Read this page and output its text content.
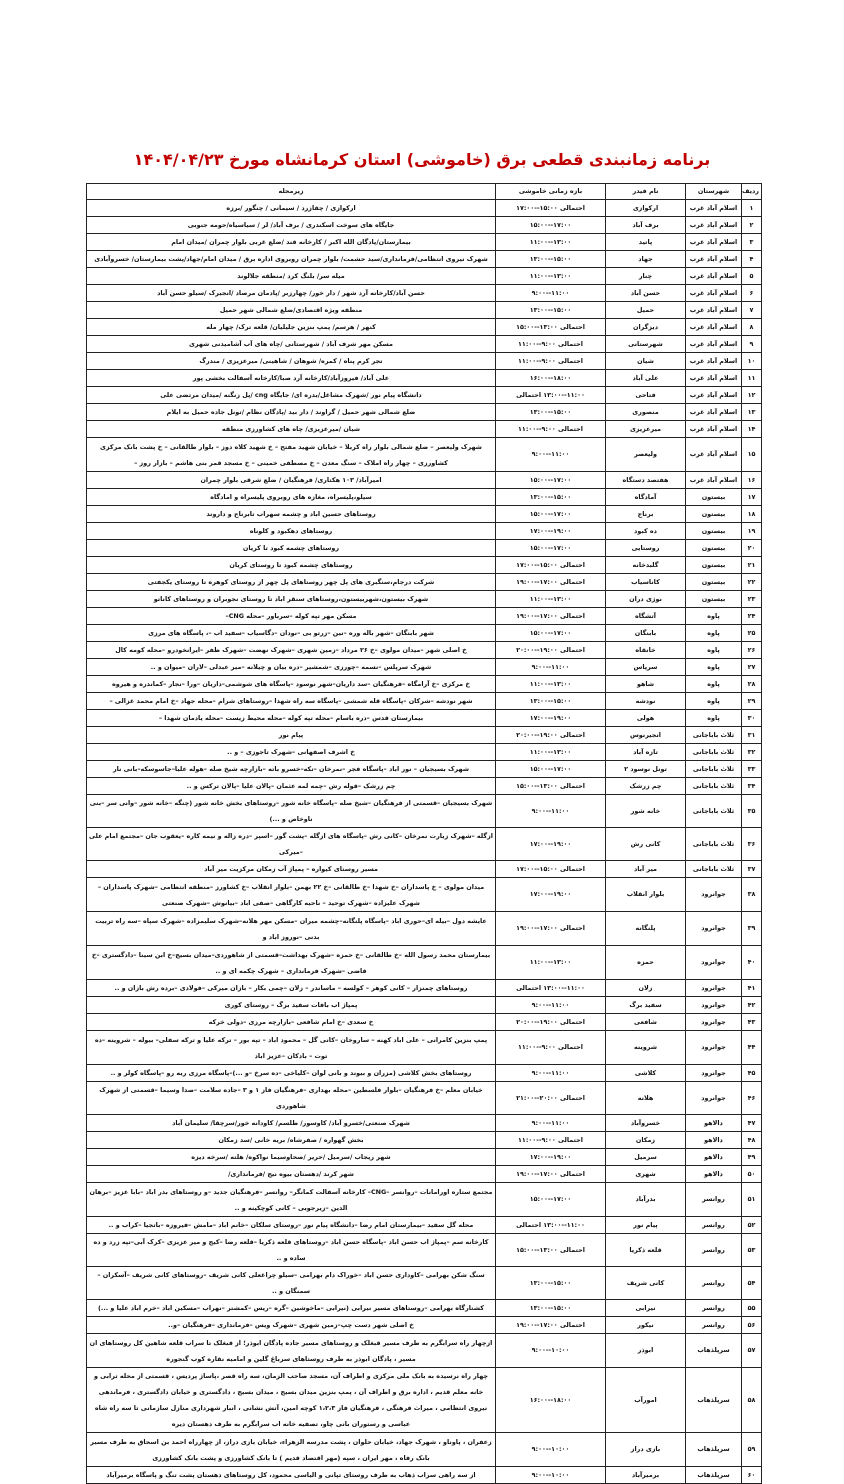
برنامه زمانبندی قطعی برق (خاموشی) استان کرمانشاه مورخ ۱۴۰۴/۰۴/۲۳
ردیف	شهرستان	نام فیدر	بازه زمانی خاموشی	زیرمحله
۱	اسلام آباد غرب	ارکوازی	۱۷:۰۰--۱۵:۰۰ احتمالی	ارکوازی / چقازرد / سیمانی / چنگور /برزه
۲	اسلام آباد غرب	برف آباد	۱۵:۰۰--۱۷:۰۰	جایگاه های سوخت اسکندری / برف آباد/ لر / سیاسیاه/حومه جنوبی
۳	اسلام آباد غرب	پاتید	۱۱:۰۰--۱۳:۰۰	بیمارستان/پادگان الله اکبر / کارخانه قند /ضلع غربی بلوار چمران /میدان امام
۴	اسلام آباد غرب	جهاد	۱۳:۰۰--۱۵:۰۰	شهرک نیروی انتظامی/فرمانداری/سید حشمت/ بلوار چمران روبروی اداره برق / میدان امام/جهاد/پشت بیمارستان/ خسروآبادی
۵	اسلام آباد غرب	چنار	۱۱:۰۰--۱۳:۰۰	میله سر/ بلنگ کرد /منطقه جلالوند
۶	اسلام آباد غرب	حسن آباد	۹:۰۰--۱۱:۰۰	حسن آباد/کارخانه آرد شهر / دار خور/ چهارزبر /پادمان مرصاد /انجیرک /سیلو حسن آباد
۷	اسلام آباد غرب	حمیل	۱۳:۰۰--۱۵:۰۰	منطقه ویژه اقتصادی/ضلع شمالی شهر حمیل
۸	اسلام آباد غرب	دیزگران	۱۵:۰۰--۱۳:۰۰ احتمالی	کنهر / هرسم/ پمپ بنزین جلیلیان/ قلعه ترک/ چهار مله
۹	اسلام آباد غرب	شهرستانی	۱۱:۰۰--۹:۰۰ احتمالی	مسکن مهر شرف آباد / شهرستانی /چاه های آب آشامیدنی شهری
۱۰	اسلام آباد غرب	شیان	۱۱:۰۰--۹:۰۰ احتمالی	تجر کرم پناه / کمره/ شوهان / شاهینی/ میرعزیزی / مندرگ
۱۱	اسلام آباد غرب	علی آباد	۱۶:۰۰--۱۸:۰۰	علی آباد/ فیروزآباد/کارخانه آرد صبا/کارخانه آسفالت بخشی پور
۱۲	اسلام آباد غرب	فتاحی	احتمالی‎ ۱۳:۰۰--۱۱:۰۰	دانشگاه پیام نور /شهرک مشاغل/بدره ای/ جایگاه cng /پل زنگنه /میدان مرتضی علی
۱۳	اسلام آباد غرب	منصوری	۱۳:۰۰--۱۵:۰۰	ضلع شمالی شهر حمیل / گراوند / دار بید /پادگان نظام /تونل جاده حمیل به ایلام
۱۴	اسلام آباد غرب	میرعزیزی	۱۱:۰۰--۹:۰۰ احتمالی	شیان /میرعزیزی/ چاه های کشاورزی منطقه
۱۵	اسلام آباد غرب	ولیعصر	۹:۰۰--۱۱:۰۰	شهرک ولیعصر – ضلع شمالی بلوار راه کربلا – خیابان شهید مفتح – خ شهید کلاه دوز – بلوار طالقانی – خ پشت بانک مرکزی کشاورزی – چهار راه املاک – سنگ معدن – خ مصطفی خمینی – خ مسجد قمر بنی هاشم – بازار روز –
۱۶	اسلام آباد غرب	هفتصد دستگاه	۱۵:۰۰--۱۷:۰۰	امیرآباد/ ۱۰۳ هکتاری/ فرهنگیان / ضلع شرقی بلوار چمران
۱۷	بیستون	آمادگاه	۱۳:۰۰--۱۵:۰۰	سیلو،پلیسراه، مغازه های روبروی پلیسراه و امادگاه
۱۸	بیستون	برناج	۱۵:۰۰--۱۷:۰۰	روستاهای حسین اباد و چشمه سهراب تابرناج و داروند
۱۹	بیستون	ده کبود	۱۷:۰۰--۱۹:۰۰	روستاهای دهکبود و کلوناه
۲۰	بیستون	روستایی	۱۵:۰۰--۱۷:۰۰	روستاهای چشمه کبود تا کریان
۲۱	بیستون	گلبدخانه	۱۷:۰۰--۱۵:۰۰ احتمالی	روستاهای چشمه کبود تا روستای کریان
۲۲	بیستون	کاناسیاب	۱۹:۰۰--۱۷:۰۰ احتمالی	شرکت درجام،سنگبری های پل چهر روستاهای پل چهر از روستای کوهره تا روستای یکجفتی
۲۳	بیستون	نوژی دران	۱۱:۰۰--۱۳:۰۰	شهرک بیستون،شهربیستون،روستاهای سنقر اباد تا روستای نجوبران و روستاهای کاناتو
۲۴	پاوه	آتشگاه	۱۹:۰۰--۱۷:۰۰ احتمالی	مسکن مهر تپه کوله –سرباور –محله CNG–
۲۵	پاوه	بابنگان	۱۵:۰۰--۱۷:۰۰	شهر بابنگان –شهر باله وره –نین –زرتو بی –نودان –دگاسیاب –سفید اب –، پاسگاه های مرزی
۲۶	پاوه	خانقاه	۲۰:۰۰--۱۹:۰۰ احتمالی	خ اصلی شهر –میدان مولوی –خ ۲۶ مرداد –زمین شهری –شهرک نهضت –شهرک ظفر –ایرانخودرو –محله کومه کال
۲۷	پاوه	سرپاس	۹:۰۰--۱۱:۰۰	شهرک سرپلس –نسمه –چورزی –شمشیر –دره بیان و چیلانه –میر عبدلی –لاران –میوان و ..
۲۸	پاوه	شاهو	۱۱:۰۰--۱۳:۰۰	خ مرکزی –خ آرامگاه –فرهنگیان –سد داریان–شهر نوسود –پاسگاه های شوشمی–داریان –ورا –نجار –کماندره و هیروه
۲۹	پاوه	نودشه	۱۳:۰۰--۱۵:۰۰	شهر نودشه –شرکان –پاسگاه قله شمشی –پاسگاه سه راه شهدا –روستاهای شرام –محله جهاد –خ امام محمد غزالی –
۳۰	پاوه	هولی	۱۷:۰۰--۱۹:۰۰	بیمارستان قدس –دره باسام –محله تپه کوله –محله محیط زیست –محله یادمان شهدا –
۳۱	ثلاث باباجانی	انجیرنوس	۲۰:۰۰--۱۹:۰۰ احتمالی	پیام نور
۳۲	ثلاث باباجانی	تازه آباد	۱۱:۰۰--۱۳:۰۰	خ اشرف اصفهانی –شهرک تاجوزی – و ..
۳۳	ثلاث باباجانی	تونل نوسود ۲	۱۵:۰۰--۱۷:۰۰	شهرک بسیجیان – نور اباد –پاسگاه فجر –نمرخان –تکه–خسرو باته –بازارچه شیخ صله –هوله علیا–جاسوسکه–بانی نار
۳۴	ثلاث باباجانی	چم زرشک	۱۵:۰۰--۱۳:۰۰ احتمالی	چم زرشک –قوله رش –چمه لمه عثمان –پالان علیا –پالان ترکس و ..
۳۵	ثلاث باباجانی	خانه شور	۹:۰۰--۱۱:۰۰	شهرک بسیجیان –قسمتی از فرهنگیان –شیخ صله –پاسگاه خانه شور –روستاهای بخش خانه شور (چنگه –خانه شور –وانی سر –بنی ناوخاص و ...)
۳۶	ثلاث باباجانی	کانی رش	۱۷:۰۰--۱۹:۰۰	ازگله –شهرک زیارت نمرخان –کانی رش –پاسگاه های ازگله –پشت گور –اسپر –دره زاله و نیمه کاره –یعقوب جان –مجتمع امام علی –میرکی
۳۷	ثلاث باباجانی	میر آباد	۱۷:۰۰--۱۵:۰۰ احتمالی	مسیر روستای کیواره – پمپاژ آب زمکان مرکزیت میر آباد
۳۸	جوانرود	بلوار انقلاب	۱۷:۰۰--۱۹:۰۰	میدان مولوی – خ پاسداران –خ شهدا –خ طالقانی –خ ۲۲ بهمن –بلوار انقلاب –خ کشاورز –منطقه انتظامی –شهرک پاسداران –شهرک علیزاده –شهرک توحید – ناحیه کارگاهی –صفی اباد –بیانوش –شهرک صنعتی
۳۹	جوانرود	پلنگانه	۱۹:۰۰--۱۷:۰۰ احتمالی	عایشه دول –بیله ای–حوری اباد –پاسگاه پلنگانه–چشمه میران –مسکن مهر هلانه–شهرک سلیمزاده –شهرک سپاه –سه راه تربیت بدنی –نوروز اباد و
۴۰	جوانرود	حمزه	۱۱:۰۰--۱۳:۰۰	بیمارستان محمد رسول الله –خ طالقانی –خ حمزه –شهرک بهداشت–قسمتی از شاهوردی–میدان بسیج–خ ابن سینا –دادگستری –خ قاضی –شهرک فرمانداری – شهرک چکمه ای و ..
۴۱	جوانرود	زلان	احتمالی‎ ۱۳:۰۰--۱۱:۰۰	روستاهای چمنزار – کانی کوهر – کولسه – ماساندر – زلان –چمی بکار – بازان میرکی –فولادی –برده رش بازان و ..
۴۲	جوانرود	سفید برگ	۹:۰۰--۱۱:۰۰	پمپاژ اب بافات سفید برگ – روستای کوری
۴۳	جوانرود	شافعی	۲۰:۰۰--۱۹:۰۰ احتمالی	خ سعدی –خ امام شافعی –بازارچه مرزی –دولی خرکه
۴۴	جوانرود	شروینه	۱۱:۰۰--۹:۰۰ احتمالی	پمپ بنزین کامرانی – علی اباد کهنه – ساروخان –کانی گل – محمود اباد – تپه بور – ترکه علیا و ترکه سفلی– بیوله – شروینه –ده توت – بادکان –عزیز اباد
۴۵	جوانرود	کلاشی	۹:۰۰--۱۱:۰۰	روستاهای بخش کلاشی (مزران و بیوند و بانی لوان –کلیاخی –ده سرخ –و ...)–پاسگاه مرزی ریه رو –پاسگاه کولر و ..
۴۶	جوانرود	هلانه	۲۱:۰۰--۲۰:۰۰ احتمالی	خیابان معلم –خ فرهنگیان –بلوار فلسطین –محله بهداری –فرهنگیان فاز ۱ و ۳ –جاده سلامت –صدا وسیما –قسمتی از شهرک شاهوردی
۴۷	دالاهو	خسروآباد	۹:۰۰--۱۱:۰۰	شهرک صنعتی/خسرو آباد/ کاوسور/ طلسم/ کاودانه خور/سرچقا/ سلیمان آباد
۴۸	دالاهو	زمکان	۱۱:۰۰--۹:۰۰ احتمالی	بخش گهواره / صفرشاه/ بریه خانی /سد زمکان
۴۹	دالاهو	سرمیل	۱۷:۰۰--۱۹:۰۰	شهر ریجاب /سرمیل /حریر /صحاوسیما نواکوه/ هلته /سرخه دیزه
۵۰	دالاهو	شهری	۱۹:۰۰--۱۷:۰۰ احتمالی	شهر کرند /دهستان بیوه نیج /فرمانداری/
۵۱	روانسر	بدرآباد	۱۵:۰۰--۱۷:۰۰	مجتمع ستاره اورامانات –روانسر –CNG– کارخانه آسفالت کمانگر– روانسر –فرهنگیان جدید –و روستاهای بدر اباد –بابا عزیز –برهان الدین –زیرجوبی – کانی کوچکینه و ..
۵۲	روانسر	پیام نور	احتمالی‎ ۱۳:۰۰--۱۱:۰۰	محله گل سفید –بیمارستان امام رضا –دانشگاه پیام نور –روستای سلکان –خانم اباد –مامش –فیروزه –باتجیا –کراب و ..
۵۳	روانسر	قلعه ذکریا	۱۵:۰۰--۱۳:۰۰ احتمالی	کارخانه سم –پمپاژ اب حسن اباد –پاسگاه حسن اباد –روستاهای قلعه ذکریا –قلعه رضا –کیج و میر عزیزی –کرک آبی–تپه زرد و ده ساده و ..
۵۴	روانسر	کانی شریف	۱۳:۰۰--۱۵:۰۰	سنگ شکن بهرامی –کاوداری حسن اباد –خوراک دام بهرامی –سیلو چراغعلی کانی شریف –روستاهای کانی شریف –آسکران –سمنگان و ..
۵۵	روانسر	نیرابی	۱۳:۰۰--۱۵:۰۰	کشتارگاه بهرامی –روستاهای مسیر نیرابی (نیرابی –ماخوشین –گره –ریس –کمشتر –نهراب –مسکین اباد –خرم اباد علیا و ...)
۵۶	روانسر	نیکور	۱۹:۰۰--۱۷:۰۰ احتمالی	خ اصلی شهر دست چپ–زمین شهری –شهرک ویس –فرمانداری –فرهنگیان –و..
۵۷	سرپلذهاب	ابوذر	۹:۰۰--۱۰:۰۰	ازچهار راه سرابگرم به طرف مسیر قبغلک و روستاهای مسیر جاده پادگان ابوذر؛ از قبغلک تا سراب قلعه شاهین کل روستاهای ان مسیر ، پادگان ابوذر به طرف روستاهای سرباغ گلین و امامیه نقاره کوب گنجوره
۵۸	سرپلذهاب	امورآب	۱۶:۰۰--۱۸:۰۰	چهار راه نرسیده به بانک ملی مرکزی و اطراف آن، مسجد صاحب الزمان، سه راه قصر ،پاساژ پردیس ، قسمتی از محله ترابی و خانه معلم قدیم ، اداره برق و اطراف آن ، پمپ بنزین میدان بسیج ، میدان بسیج ، دادگستری و خیابان دادگستری ، فرماندهی نیروی انتظامی ، میراث فرهنگی ، فرهنگیان فاز ۱،۲،۳ کوچه امین، آتش نشانی ، انبار شهرداری منازل سازمانی تا سه راه شاه عباسی و رستوران بانی چاو، تصفیه خانه اب سرابگرم به طرف دهستان دیره
۵۹	سرپلذهاب	بازی دراز	۹:۰۰--۱۰:۰۰	زعفران ، پاوناو ، شهرک جهاد، خیابان حلوان ، پشت مدرسه الزهراء، خیابان بازی دراز، از چهارراه احمد بن اسحاق به طرف مسیر بانک رفاه ، مهر ایران ، سپه (مهر اقتصاد قدیم ) تا بانک کشاورزی و پشت بانک کشاورزی
۶۰	سرپلذهاب	برمیرآباد	۹:۰۰--۱۰:۰۰	از سه راهی سراب ذهاب به طرف روستای تپانی و الیاسی محمود، کل روستاهای دهستان پشت تنگ و پاسگاه برمیرآباد
